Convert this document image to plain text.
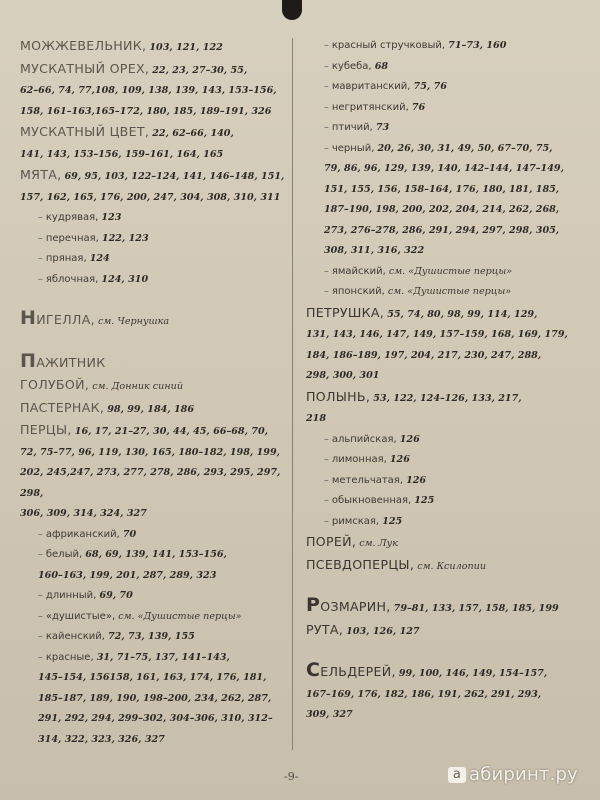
МОЖЖЕВЕЛЬНИК, 103, 121, 122
МУСКАТНЫЙ ОРЕХ, 22, 23, 27–30, 55,
62–66, 74, 77,108, 109, 138, 139, 143, 153–156,
158, 161–163,165–172, 180, 185, 189–191, 326
МУСКАТНЫЙ ЦВЕТ, 22, 62–66, 140,
141, 143, 153–156, 159–161, 164, 165
МЯТА, 69, 95, 103, 122–124, 141, 146–148, 151,
157, 162, 165, 176, 200, 247, 304, 308, 310, 311
– кудрявая, 123
– перечная, 122, 123
– пряная, 124
– яблочная, 124, 310
НИГЕЛЛА, см. Чернушка
ПАЖИТНИК
ГОЛУБОЙ, см. Донник синий
ПАСТЕРНАК, 98, 99, 184, 186
ПЕРЦЫ, 16, 17, 21–27, 30, 44, 45, 66–68, 70,
72, 75–77, 96, 119, 130, 165, 180–182, 198, 199,
202, 245,247, 273, 277, 278, 286, 293, 295, 297, 298,
306, 309, 314, 324, 327
– африканский, 70
– белый, 68, 69, 139, 141, 153–156,
160–163, 199, 201, 287, 289, 323
– длинный, 69, 70
– «душистые», см. «Душистые перцы»
– кайенский, 72, 73, 139, 155
– красные, 31, 71–75, 137, 141–143,
145–154, 156158, 161, 163, 174, 176, 181,
185–187, 189, 190, 198–200, 234, 262, 287,
291, 292, 294, 299–302, 304–306, 310, 312–
314, 322, 323, 326, 327
– красный стручковый, 71–73, 160
– кубеба, 68
– мавританский, 75, 76
– негритянский, 76
– птичий, 73
– черный, 20, 26, 30, 31, 49, 50, 67–70, 75,
79, 86, 96, 129, 139, 140, 142–144, 147–149,
151, 155, 156, 158–164, 176, 180, 181, 185,
187–190, 198, 200, 202, 204, 214, 262, 268,
273, 276–278, 286, 291, 294, 297, 298, 305,
308, 311, 316, 322
– ямайский, см. «Душистые перцы»
– японский, см. «Душистые перцы»
ПЕТРУШКА, 55, 74, 80, 98, 99, 114, 129,
131, 143, 146, 147, 149, 157–159, 168, 169, 179,
184, 186–189, 197, 204, 217, 230, 247, 288,
298, 300, 301
ПОЛЫНЬ, 53, 122, 124–126, 133, 217,
218
– альпийская, 126
– лимонная, 126
– метельчатая, 126
– обыкновенная, 125
– римская, 125
ПОРЕЙ, см. Лук
ПСЕВДОПЕРЦЫ, см. Ксилопии
РОЗМАРИН, 79–81, 133, 157, 158, 185, 199
РУТА, 103, 126, 127
СЕЛЬДЕРЕЙ, 99, 100, 146, 149, 154–157,
167–169, 176, 182, 186, 191, 262, 291, 293,
309, 327
-9-	а абиринт.ру
